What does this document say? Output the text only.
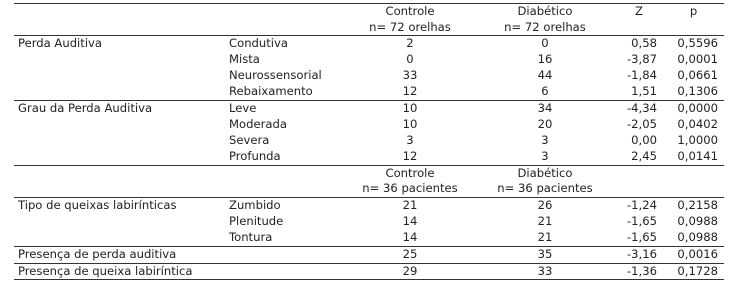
		Controle	Diabético	Z	p
		n= 72 orelhas	n= 72 orelhas		
Perda Auditiva	Condutiva	2	0	0,58	0,5596
	Mista	0	16	-3,87	0,0001
	Neurossensorial	33	44	-1,84	0,0661
	Rebaixamento	12	6	1,51	0,1306
Grau da Perda Auditiva	Leve	10	34	-4,34	0,0000
	Moderada	10	20	-2,05	0,0402
	Severa	3	3	0,00	1,0000
	Profunda	12	3	2,45	0,0141
		Controle	Diabético		
		n= 36 pacientes	n= 36 pacientes		
Tipo de queixas labirínticas	Zumbido	21	26	-1,24	0,2158
	Plenitude	14	21	-1,65	0,0988
	Tontura	14	21	-1,65	0,0988
Presença de perda auditiva		25	35	-3,16	0,0016
Presença de queixa labiríntica		29	33	-1,36	0,1728
